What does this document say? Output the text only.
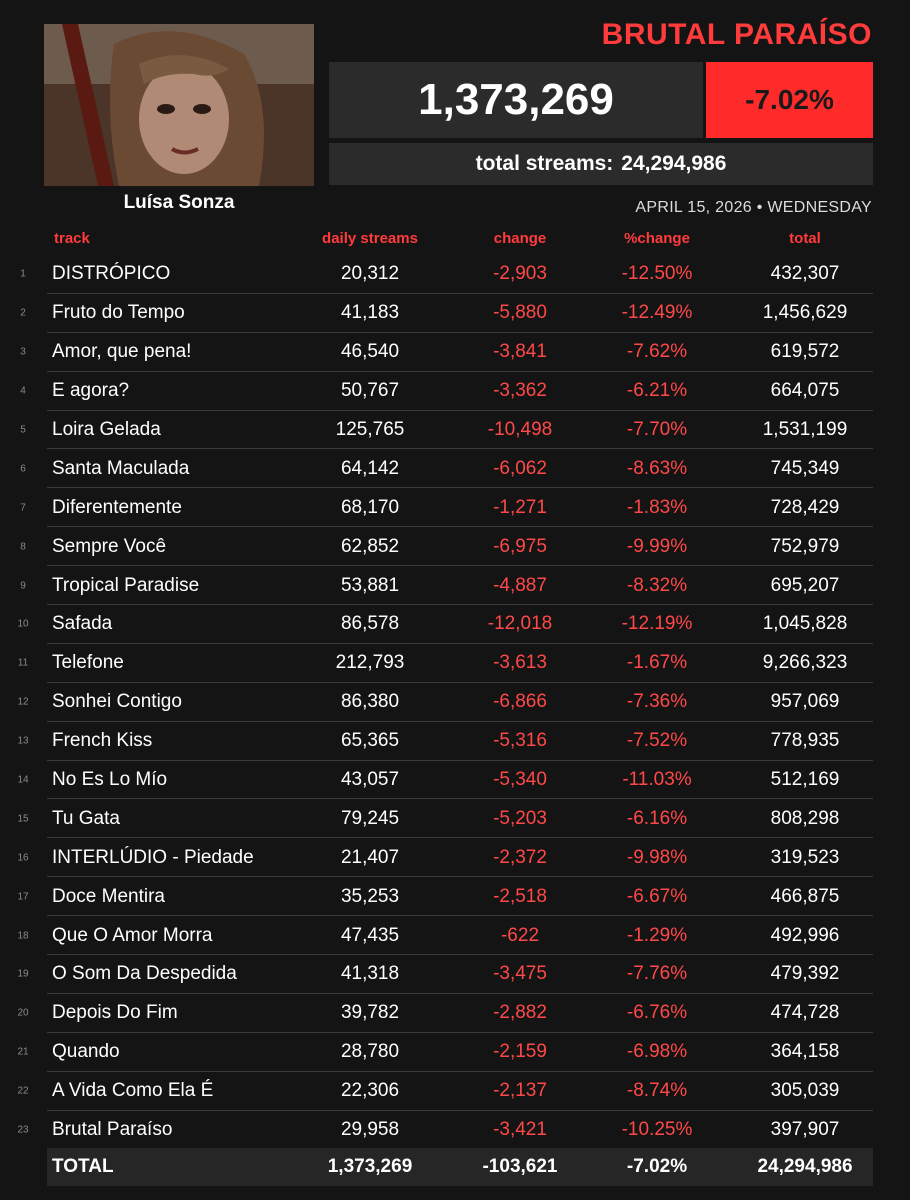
Luísa Sonza
BRUTAL PARAÍSO
1,373,269	-7.02%
total streams: 24,294,986
APRIL 15, 2026 • WEDNESDAY
track	daily streams	change	%change	total
1	DISTRÓPICO	20,312	-2,903	-12.50%	432,307
2	Fruto do Tempo	41,183	-5,880	-12.49%	1,456,629
3	Amor, que pena!	46,540	-3,841	-7.62%	619,572
4	E agora?	50,767	-3,362	-6.21%	664,075
5	Loira Gelada	125,765	-10,498	-7.70%	1,531,199
6	Santa Maculada	64,142	-6,062	-8.63%	745,349
7	Diferentemente	68,170	-1,271	-1.83%	728,429
8	Sempre Você	62,852	-6,975	-9.99%	752,979
9	Tropical Paradise	53,881	-4,887	-8.32%	695,207
10	Safada	86,578	-12,018	-12.19%	1,045,828
11	Telefone	212,793	-3,613	-1.67%	9,266,323
12	Sonhei Contigo	86,380	-6,866	-7.36%	957,069
13	French Kiss	65,365	-5,316	-7.52%	778,935
14	No Es Lo Mío	43,057	-5,340	-11.03%	512,169
15	Tu Gata	79,245	-5,203	-6.16%	808,298
16	INTERLÚDIO - Piedade	21,407	-2,372	-9.98%	319,523
17	Doce Mentira	35,253	-2,518	-6.67%	466,875
18	Que O Amor Morra	47,435	-622	-1.29%	492,996
19	O Som Da Despedida	41,318	-3,475	-7.76%	479,392
20	Depois Do Fim	39,782	-2,882	-6.76%	474,728
21	Quando	28,780	-2,159	-6.98%	364,158
22	A Vida Como Ela É	22,306	-2,137	-8.74%	305,039
23	Brutal Paraíso	29,958	-3,421	-10.25%	397,907
TOTAL	1,373,269	-103,621	-7.02%	24,294,986
